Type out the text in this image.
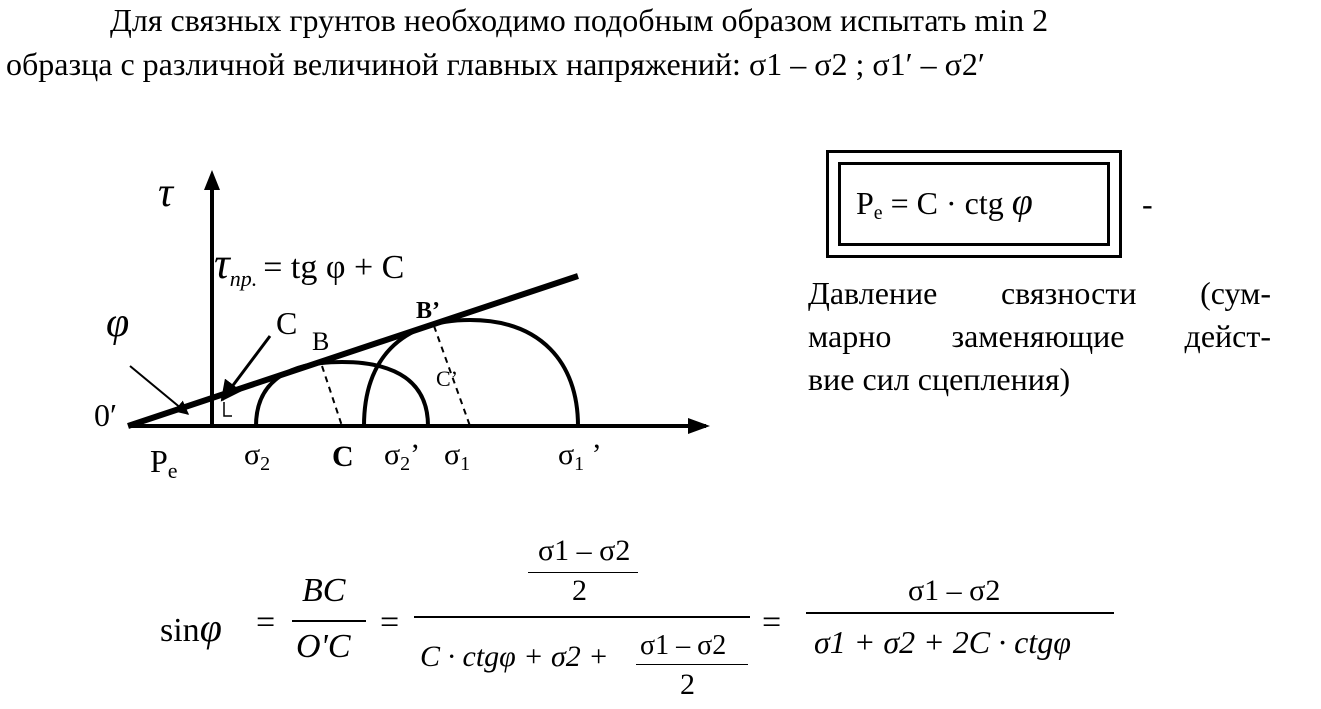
Для связных грунтов необходимо подобным образом испытать min 2
образца с различной величиной главных напряжений: σ1 – σ2 ; σ1′ – σ2′
τ
$\tau_{пр.}$ = tg φ + C
φ	C
B
B’
C’
0′
Pe $\sigma_2$ C $\sigma_2$’ $\sigma_1$	$\sigma_1$ ’
$P_e = C$ · ctg φ	-
Давление связности (сум-
марно заменяющие дейст-
вие сил сцепления)
sinφ =
BC
O'C
=
σ1 – σ2
2
C · ctgφ + σ2 + σ1 – σ2
2
=
σ1 – σ2
σ1 + σ2 + 2C · ctgφ
